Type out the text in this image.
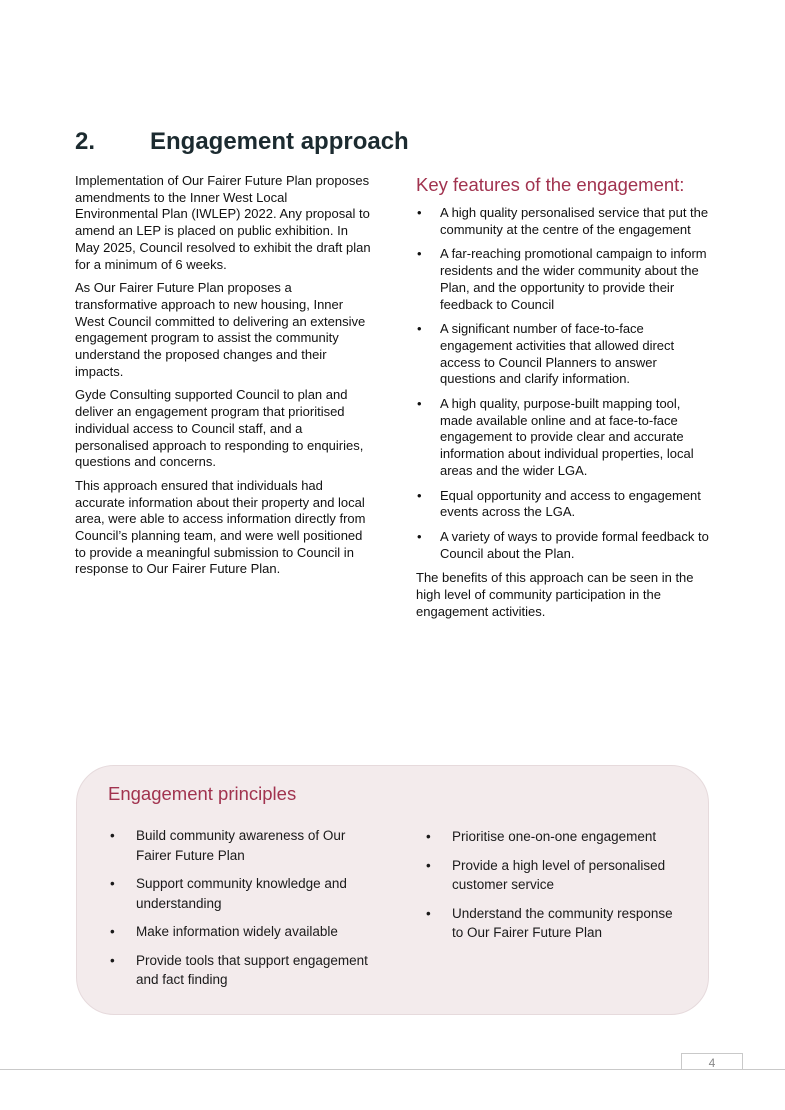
2.	Engagement approach

Implementation of Our Fairer Future Plan proposes amendments to the Inner West Local Environmental Plan (IWLEP) 2022. Any proposal to amend an LEP is placed on public exhibition. In May 2025, Council resolved to exhibit the draft plan for a minimum of 6 weeks.

As Our Fairer Future Plan proposes a transformative approach to new housing, Inner West Council committed to delivering an extensive engagement program to assist the community understand the proposed changes and their impacts.

Gyde Consulting supported Council to plan and deliver an engagement program that prioritised individual access to Council staff, and a personalised approach to responding to enquiries, questions and concerns.

This approach ensured that individuals had accurate information about their property and local area, were able to access information directly from Council’s planning team, and were well positioned to provide a meaningful submission to Council in response to Our Fairer Future Plan.

Key features of the engagement:
• A high quality personalised service that put the community at the centre of the engagement
• A far-reaching promotional campaign to inform residents and the wider community about the Plan, and the opportunity to provide their feedback to Council
• A significant number of face-to-face engagement activities that allowed direct access to Council Planners to answer questions and clarify information.
• A high quality, purpose-built mapping tool, made available online and at face-to-face engagement to provide clear and accurate information about individual properties, local areas and the wider LGA.
• Equal opportunity and access to engagement events across the LGA.
• A variety of ways to provide formal feedback to Council about the Plan.

The benefits of this approach can be seen in the high level of community participation in the engagement activities.

Engagement principles
• Build community awareness of Our Fairer Future Plan
• Support community knowledge and understanding
• Make information widely available
• Provide tools that support engagement and fact finding
• Prioritise one-on-one engagement
• Provide a high level of personalised customer service
• Understand the community response to Our Fairer Future Plan
4
